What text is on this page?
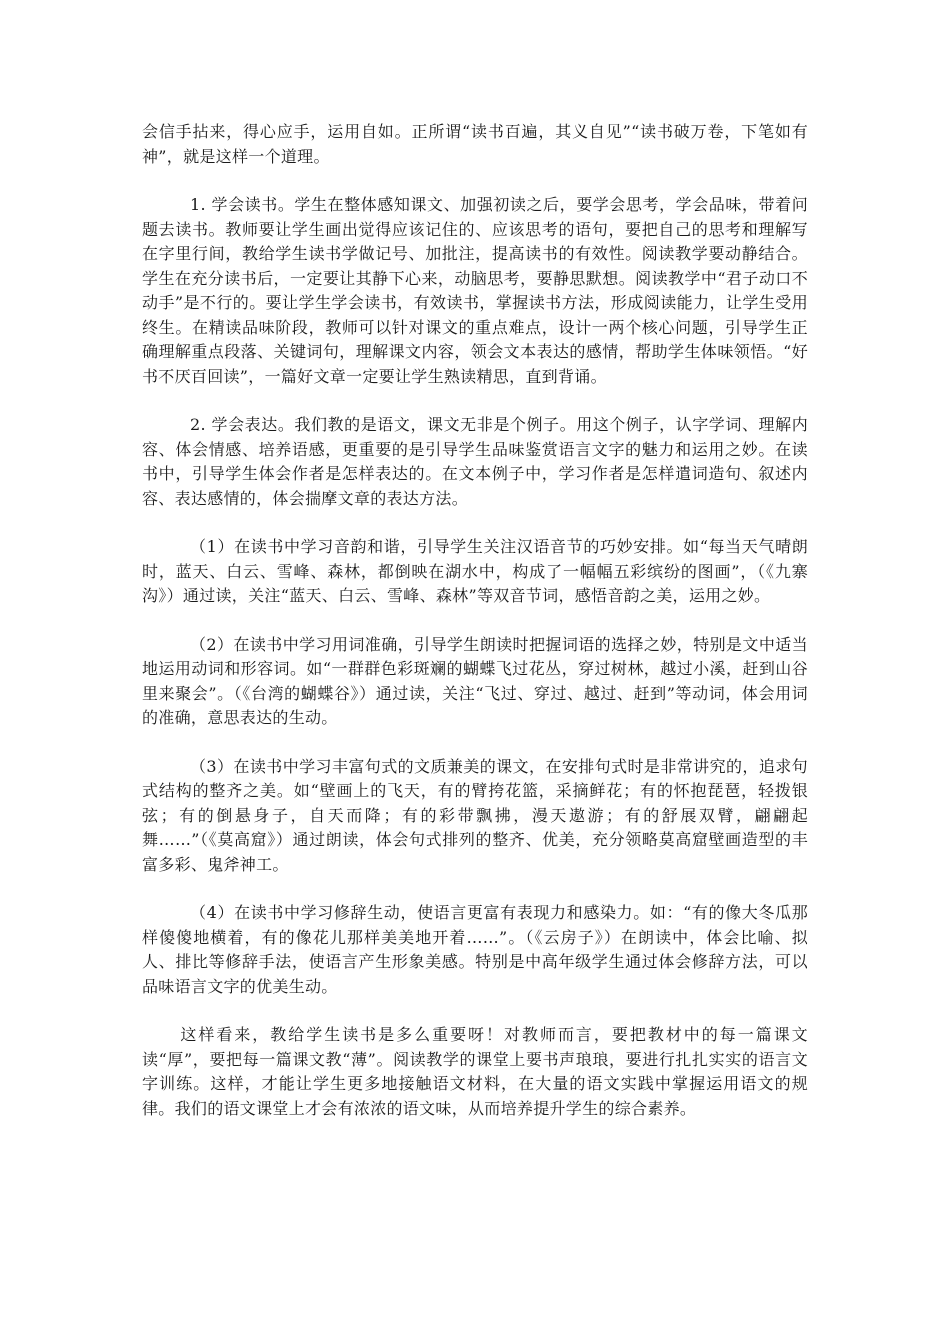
会信手拈来，得心应手，运用自如。正所谓“读书百遍，其义自见”“读书破万卷，下笔如有神”，就是这样一个道理。

1. 学会读书。学生在整体感知课文、加强初读之后，要学会思考，学会品味，带着问题去读书。教师要让学生画出觉得应该记住的、应该思考的语句，要把自己的思考和理解写在字里行间，教给学生读书学做记号、加批注，提高读书的有效性。阅读教学要动静结合。学生在充分读书后，一定要让其静下心来，动脑思考，要静思默想。阅读教学中“君子动口不动手”是不行的。要让学生学会读书，有效读书，掌握读书方法，形成阅读能力，让学生受用终生。在精读品味阶段，教师可以针对课文的重点难点，设计一两个核心问题，引导学生正确理解重点段落、关键词句，理解课文内容，领会文本表达的感情，帮助学生体味领悟。“好书不厌百回读”，一篇好文章一定要让学生熟读精思，直到背诵。

2. 学会表达。我们教的是语文，课文无非是个例子。用这个例子，认字学词、理解内容、体会情感、培养语感，更重要的是引导学生品味鉴赏语言文字的魅力和运用之妙。在读书中，引导学生体会作者是怎样表达的。在文本例子中，学习作者是怎样遣词造句、叙述内容、表达感情的，体会揣摩文章的表达方法。

（1）在读书中学习音韵和谐，引导学生关注汉语音节的巧妙安排。如“每当天气晴朗时，蓝天、白云、雪峰、森林，都倒映在湖水中，构成了一幅幅五彩缤纷的图画”，（《九寨沟》）通过读，关注“蓝天、白云、雪峰、森林”等双音节词，感悟音韵之美，运用之妙。

（2）在读书中学习用词准确，引导学生朗读时把握词语的选择之妙，特别是文中适当地运用动词和形容词。如“一群群色彩斑斓的蝴蝶飞过花丛，穿过树林，越过小溪，赶到山谷里来聚会”。（《台湾的蝴蝶谷》）通过读，关注“飞过、穿过、越过、赶到”等动词，体会用词的准确，意思表达的生动。

（3）在读书中学习丰富句式的文质兼美的课文，在安排句式时是非常讲究的，追求句式结构的整齐之美。如“壁画上的飞天，有的臂挎花篮，采摘鲜花；有的怀抱琵琶，轻拨银弦；有的倒悬身子，自天而降；有的彩带飘拂，漫天遨游；有的舒展双臂，翩翩起舞……”（《莫高窟》）通过朗读，体会句式排列的整齐、优美，充分领略莫高窟壁画造型的丰富多彩、鬼斧神工。

（4）在读书中学习修辞生动，使语言更富有表现力和感染力。如：“有的像大冬瓜那样傻傻地横着，有的像花儿那样美美地开着……”。（《云房子》）在朗读中，体会比喻、拟人、排比等修辞手法，使语言产生形象美感。特别是中高年级学生通过体会修辞方法，可以品味语言文字的优美生动。

这样看来，教给学生读书是多么重要呀！对教师而言，要把教材中的每一篇课文读“厚”，要把每一篇课文教“薄”。阅读教学的课堂上要书声琅琅，要进行扎扎实实的语言文字训练。这样，才能让学生更多地接触语文材料，在大量的语文实践中掌握运用语文的规律。我们的语文课堂上才会有浓浓的语文味，从而培养提升学生的综合素养。
